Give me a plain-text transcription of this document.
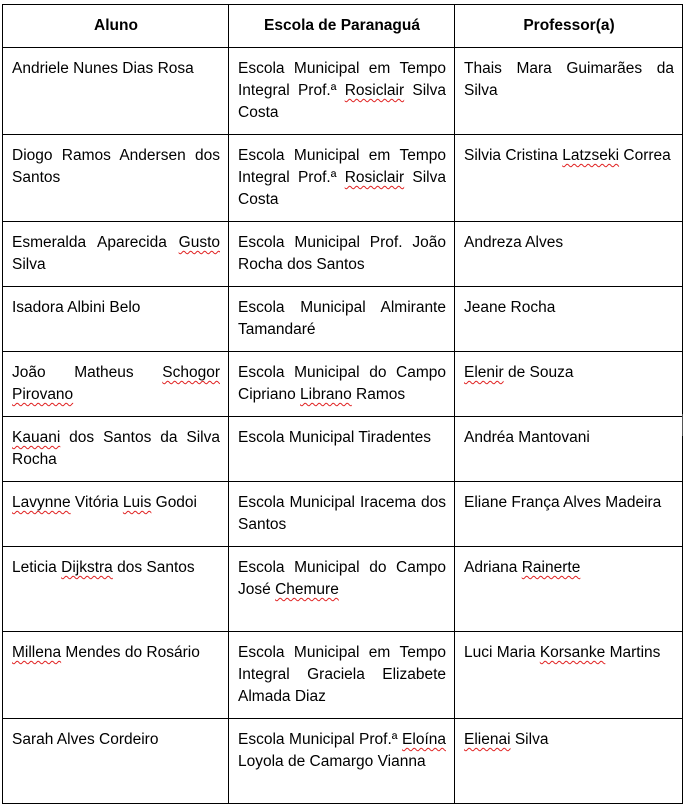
Aluno	Escola de Paranaguá	Professor(a)
Andriele Nunes Dias Rosa	Escola Municipal em Tempo Integral Prof.ª Rosiclair Silva Costa	Thais Mara Guimarães da Silva
Diogo Ramos Andersen dos Santos	Escola Municipal em Tempo Integral Prof.ª Rosiclair Silva Costa	Silvia Cristina Latzseki Correa
Esmeralda Aparecida Gusto Silva	Escola Municipal Prof. João Rocha dos Santos	Andreza Alves
Isadora Albini Belo	Escola Municipal Almirante Tamandaré	Jeane Rocha
João Matheus Schogor Pirovano	Escola Municipal do Campo Cipriano Librano Ramos	Elenir de Souza
Kauani dos Santos da Silva Rocha	Escola Municipal Tiradentes	Andréa Mantovani
Lavynne Vitória Luis Godoi	Escola Municipal Iracema dos Santos	Eliane França Alves Madeira
Leticia Dijkstra dos Santos	Escola Municipal do Campo José Chemure	Adriana Rainerte
Millena Mendes do Rosário	Escola Municipal em Tempo Integral Graciela Elizabete Almada Diaz	Luci Maria Korsanke Martins
Sarah Alves Cordeiro	Escola Municipal Prof.ª Eloína Loyola de Camargo Vianna	Elienai Silva
